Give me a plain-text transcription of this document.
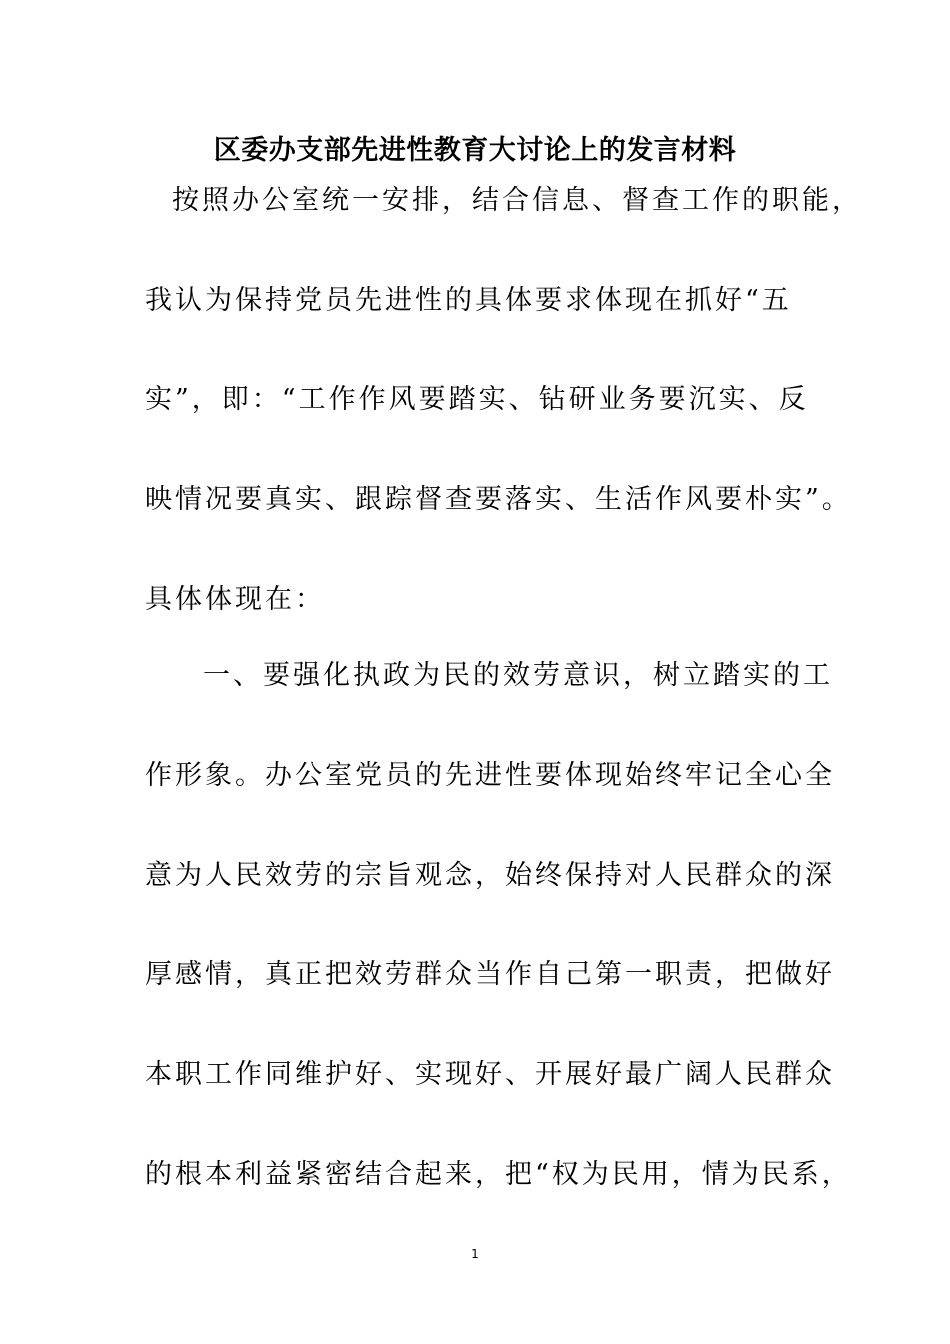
区委办支部先进性教育大讨论上的发言材料
按照办公室统一安排，结合信息、督查工作的职能，
我认为保持党员先进性的具体要求体现在抓好“五
实”，即：“工作作风要踏实、钻研业务要沉实、反
映情况要真实、跟踪督查要落实、生活作风要朴实”。
具体体现在：
一、要强化执政为民的效劳意识，树立踏实的工
作形象。办公室党员的先进性要体现始终牢记全心全
意为人民效劳的宗旨观念，始终保持对人民群众的深
厚感情，真正把效劳群众当作自己第一职责，把做好
本职工作同维护好、实现好、开展好最广阔人民群众
的根本利益紧密结合起来，把“权为民用，情为民系，
1
